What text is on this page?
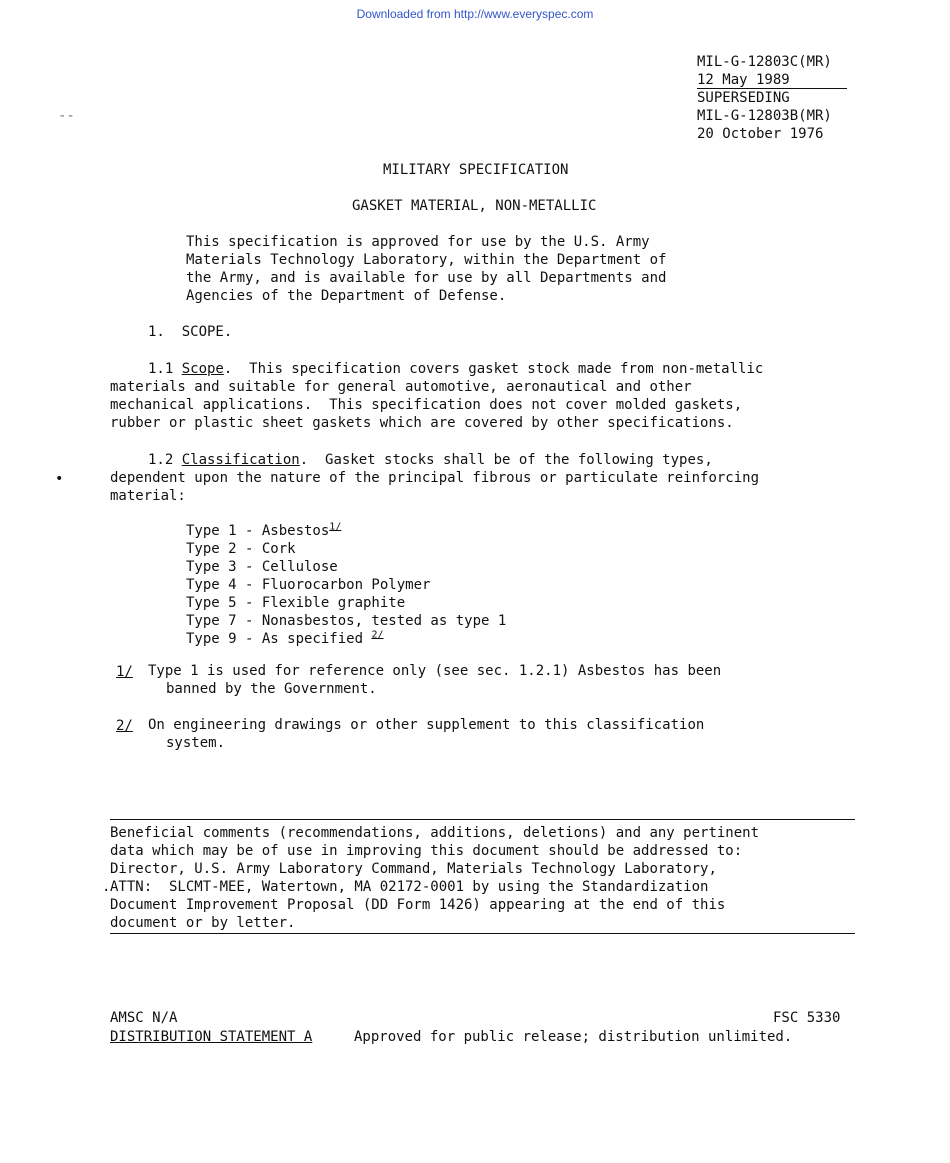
Downloaded from http://www.everyspec.com
MIL-G-12803C(MR)
12 May 1989
SUPERSEDING
MIL-G-12803B(MR)
20 October 1976
--
MILITARY SPECIFICATION
GASKET MATERIAL, NON-METALLIC
This specification is approved for use by the U.S. Army
Materials Technology Laboratory, within the Department of
the Army, and is available for use by all Departments and
Agencies of the Department of Defense.
1.  SCOPE.
1.1 Scope.  This specification covers gasket stock made from non-metallic
materials and suitable for general automotive, aeronautical and other
mechanical applications.  This specification does not cover molded gaskets,
rubber or plastic sheet gaskets which are covered by other specifications.
•
1.2 Classification.  Gasket stocks shall be of the following types,
dependent upon the nature of the principal fibrous or particulate reinforcing
material:
Type 1 - Asbestos$^{1/}$
Type 2 - Cork
Type 3 - Cellulose
Type 4 - Fluorocarbon Polymer
Type 5 - Flexible graphite
Type 7 - Nonasbestos, tested as type 1
Type 9 - As specified $^{2/}$
1/ Type 1 is used for reference only (see sec. 1.2.1) Asbestos has been
banned by the Government.
2/ On engineering drawings or other supplement to this classification
system.
Beneficial comments (recommendations, additions, deletions) and any pertinent
data which may be of use in improving this document should be addressed to:
Director, U.S. Army Laboratory Command, Materials Technology Laboratory,
ATTN:  SLCMT-MEE, Watertown, MA 02172-0001 by using the Standardization
Document Improvement Proposal (DD Form 1426) appearing at the end of this
document or by letter.
.
AMSC N/A	FSC 5330
DISTRIBUTION STATEMENT A	Approved for public release; distribution unlimited.
